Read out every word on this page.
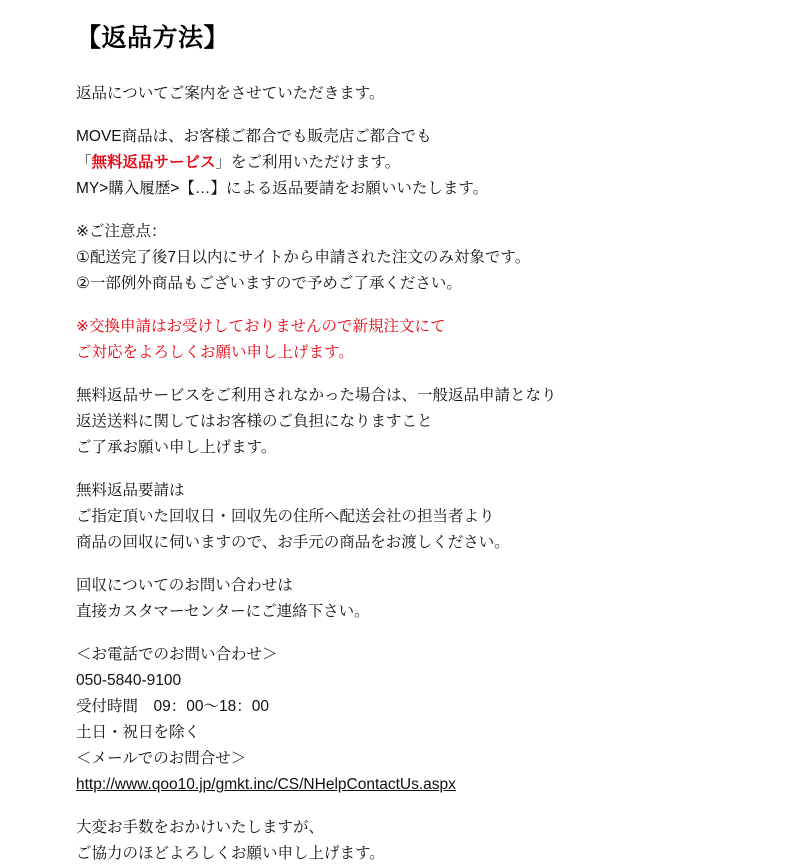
【返品方法】
返品についてご案内をさせていただきます。
MOVE商品は、お客様ご都合でも販売店ご都合でも
「無料返品サービス」をご利用いただけます。
MY>購入履歴>【…】による返品要請をお願いいたします。
※ご注意点：
①配送完了後7日以内にサイトから申請された注文のみ対象です。
②一部例外商品もございますので予めご了承ください。
※交換申請はお受けしておりませんので新規注文にて
ご対応をよろしくお願い申し上げます。
無料返品サービスをご利用されなかった場合は、一般返品申請となり
返送送料に関してはお客様のご負担になりますこと
ご了承お願い申し上げます。
無料返品要請は
ご指定頂いた回収日・回収先の住所へ配送会社の担当者より
商品の回収に伺いますので、お手元の商品をお渡しください。
回収についてのお問い合わせは
直接カスタマーセンターにご連絡下さい。
＜お電話でのお問い合わせ＞
050-5840-9100
受付時間　09：00〜18：00
土日・祝日を除く
＜メールでのお問合せ＞
http://www.qoo10.jp/gmkt.inc/CS/NHelpContactUs.aspx
大変お手数をおかけいたしますが、
ご協力のほどよろしくお願い申し上げます。
